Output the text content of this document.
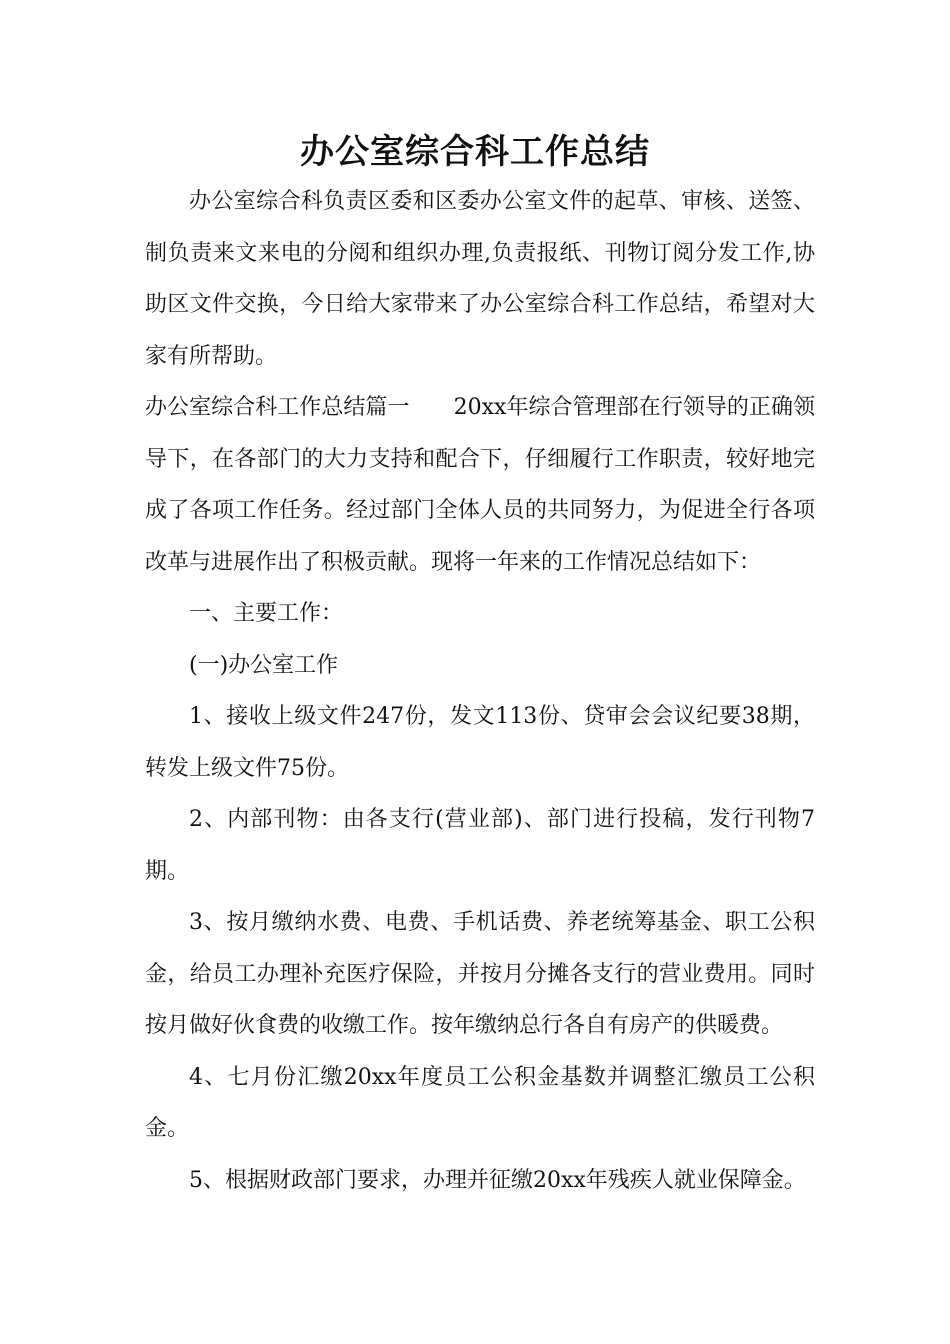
办公室综合科工作总结

办公室综合科负责区委和区委办公室文件的起草、审核、送签、制负责来文来电的分阅和组织办理,负责报纸、刊物订阅分发工作,协助区文件交换，今日给大家带来了办公室综合科工作总结，希望对大家有所帮助。

办公室综合科工作总结篇一　　20xx年综合管理部在行领导的正确领导下，在各部门的大力支持和配合下，仔细履行工作职责，较好地完成了各项工作任务。经过部门全体人员的共同努力，为促进全行各项改革与进展作出了积极贡献。现将一年来的工作情况总结如下：

一、主要工作：

(一)办公室工作

1、接收上级文件247份，发文113份、贷审会会议纪要38期，转发上级文件75份。

2、内部刊物：由各支行(营业部)、部门进行投稿，发行刊物7期。

3、按月缴纳水费、电费、手机话费、养老统筹基金、职工公积金，给员工办理补充医疗保险，并按月分摊各支行的营业费用。同时按月做好伙食费的收缴工作。按年缴纳总行各自有房产的供暖费。

4、七月份汇缴20xx年度员工公积金基数并调整汇缴员工公积金。

5、根据财政部门要求，办理并征缴20xx年残疾人就业保障金。
